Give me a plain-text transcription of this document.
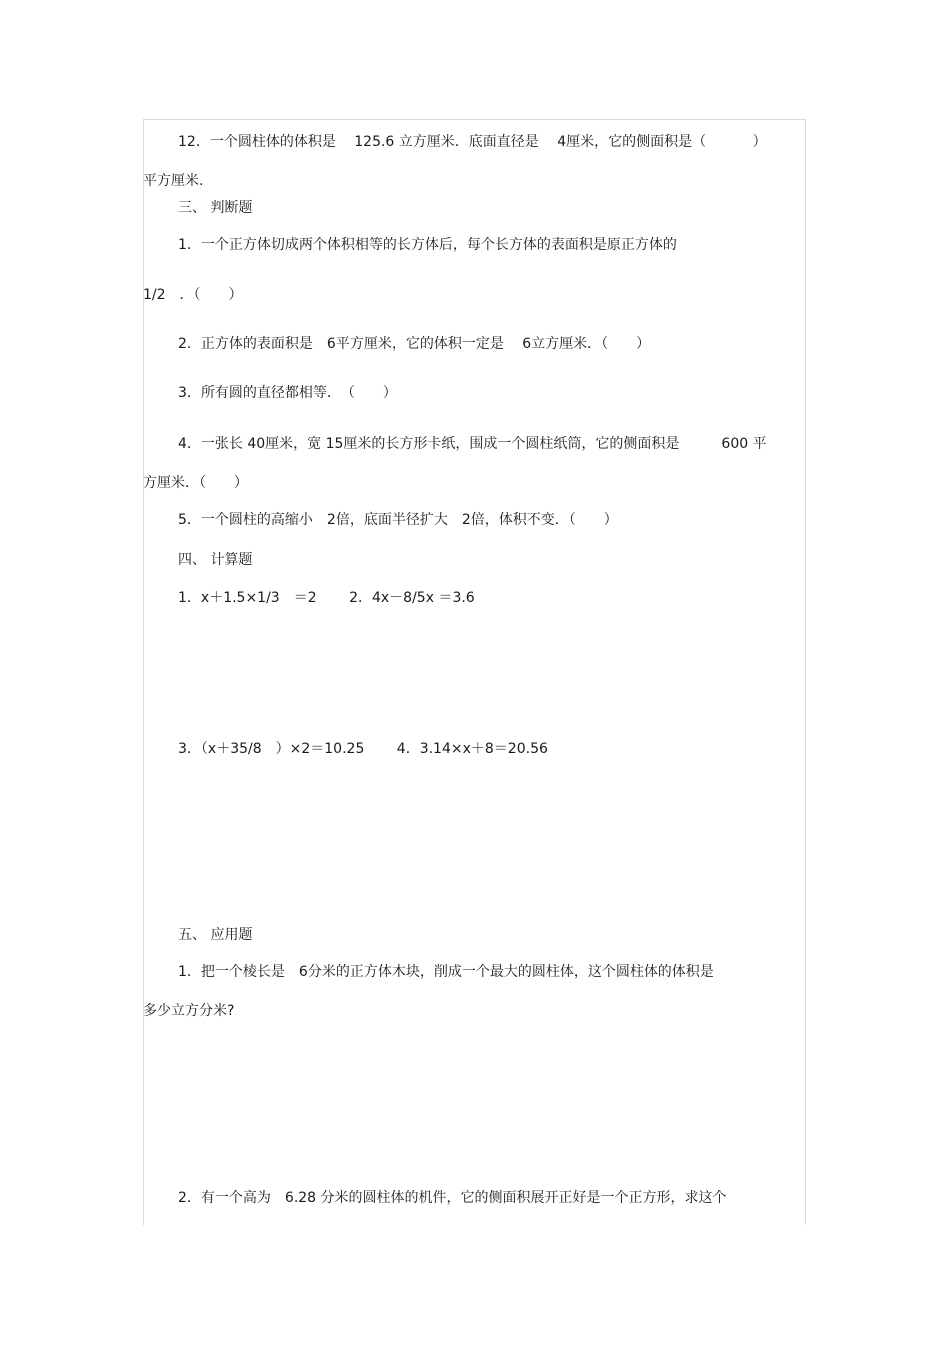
12．一个圆柱体的体积是　 125.6 立方厘米．底面直径是　 4厘米，它的侧面积是（　　　 ）
平方厘米.
三、 判断题
1．一个正方体切成两个体积相等的长方体后，每个长方体的表面积是原正方体的
1/2　．（　　）
2．正方体的表面积是　6平方厘米，它的体积一定是　 6立方厘米．（　　）
3．所有圆的直径都相等．　（　　）
4．一张长 40厘米，宽 15厘米的长方形卡纸，围成一个圆柱纸筒，它的侧面积是　　　600 平
方厘米．（　　）
5．一个圆柱的高缩小　2倍，底面半径扩大　2倍，体积不变．（　　）
四、 计算题
1．x＋1.5×1/3　＝2　　 2．4x－8/5x ＝3.6
3．（x＋35/8　）×2＝10.25　　 4．3.14×x＋8＝20.56
五、 应用题
1．把一个棱长是　6分米的正方体木块，削成一个最大的圆柱体，这个圆柱体的体积是
多少立方分米?
2．有一个高为　6.28 分米的圆柱体的机件，它的侧面积展开正好是一个正方形，求这个
